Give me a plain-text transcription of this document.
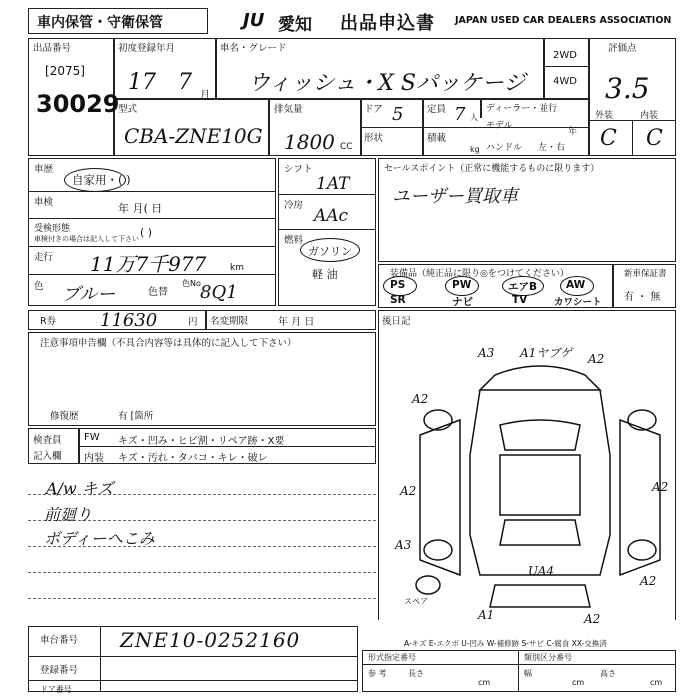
車内保管・守衛保管	JU 愛知 出品申込書 JAPAN USED CAR DEALERS ASSOCIATION
出品番号
[2075]
30029
初度登録年月
17 7
月
車名・グレード
ウィッシュ・X Sパッケージ
2WD
4WD
評価点
3.5
外装	内装
C C
型式
CBA-ZNE10G
排気量
1800 CC
ドア 5 定員 7 人
ディーラー・並行
モデル
年
形状	積載
kg ハンドル 左・右
車歴
自家用・( )
車検	年 月( 日
受検形態
車検付きの場合は記入して下さい ( )
走行 11万7千977	km
色 ブルー	色替
色No 8Q1
R券 11630	円 名変期限	年 月 日
シフト
1AT
冷房
AAc
燃料
ガソリン
軽 油
セールスポイント（正常に機能するものに限ります）
ユーザー買取車
装備品（純正品に限り◎をつけてください）
PS	PW	エアB	AW
SR	ナビ	TV	カワシート
新車保証書
有 ・ 無
注意事項申告欄（不具合内容等は具体的に記入して下さい）
修復歴	有 [箇所
検査員
記入欄
FW キズ・凹み・ヒビ割・リペア跡・X要
内装 キズ・汚れ・タバコ・キレ・破レ
A/w キズ
前廻り
ボディーへこみ
後日記
A3 A1ヤブゲ A2
A2
A2	A2
A3
UA4
A2
A1	A2
スペア
A-キズ E-エクボ U-凹み W-補修跡 S-サビ C-腐食 XX-交換済
車台番号 ZNE10-0252160
登録番号
形式指定番号	類別区分番号
参 考	長さ
cm
幅
cm
高さ
cm
ドア番号
